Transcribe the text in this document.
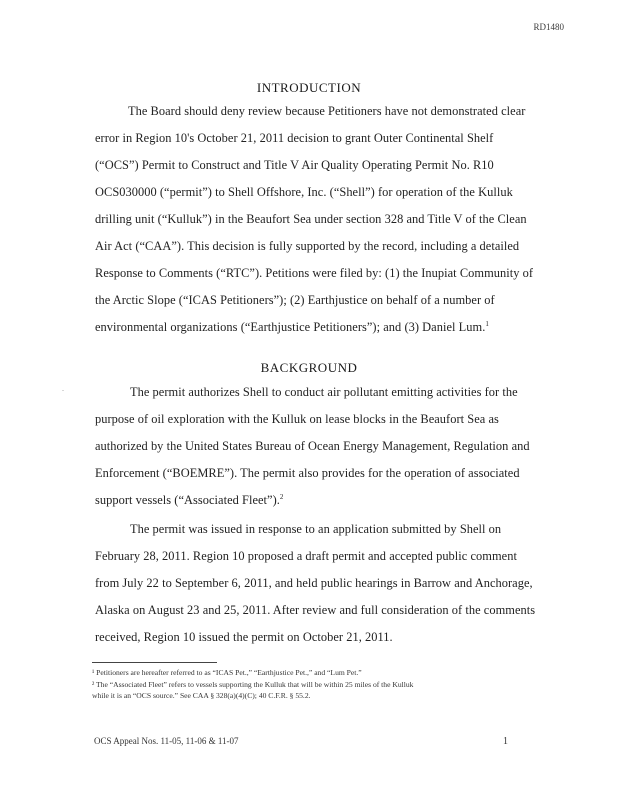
RD1480
INTRODUCTION
The Board should deny review because Petitioners have not demonstrated clear
error in Region 10's October 21, 2011 decision to grant Outer Continental Shelf
(“OCS”) Permit to Construct and Title V Air Quality Operating Permit No. R10
OCS030000 (“permit”) to Shell Offshore, Inc. (“Shell”) for operation of the Kulluk
drilling unit (“Kulluk”) in the Beaufort Sea under section 328 and Title V of the Clean
Air Act (“CAA”). This decision is fully supported by the record, including a detailed
Response to Comments (“RTC”). Petitions were filed by: (1) the Inupiat Community of
the Arctic Slope (“ICAS Petitioners”); (2) Earthjustice on behalf of a number of
environmental organizations (“Earthjustice Petitioners”); and (3) Daniel Lum.$^1$
BACKGROUND
.	The permit authorizes Shell to conduct air pollutant emitting activities for the
purpose of oil exploration with the Kulluk on lease blocks in the Beaufort Sea as
authorized by the United States Bureau of Ocean Energy Management, Regulation and
Enforcement (“BOEMRE”). The permit also provides for the operation of associated
support vessels (“Associated Fleet”).$^2$
The permit was issued in response to an application submitted by Shell on
February 28, 2011. Region 10 proposed a draft permit and accepted public comment
from July 22 to September 6, 2011, and held public hearings in Barrow and Anchorage,
Alaska on August 23 and 25, 2011. After review and full consideration of the comments
received, Region 10 issued the permit on October 21, 2011.
¹ Petitioners are hereafter referred to as “ICAS Pet.,” “Earthjustice Pet.,” and “Lum Pet.”
² The “Associated Fleet” refers to vessels supporting the Kulluk that will be within 25 miles of the Kulluk
while it is an “OCS source.” See CAA § 328(a)(4)(C); 40 C.F.R. § 55.2.
OCS Appeal Nos. 11-05, 11-06 & 11-07	1
